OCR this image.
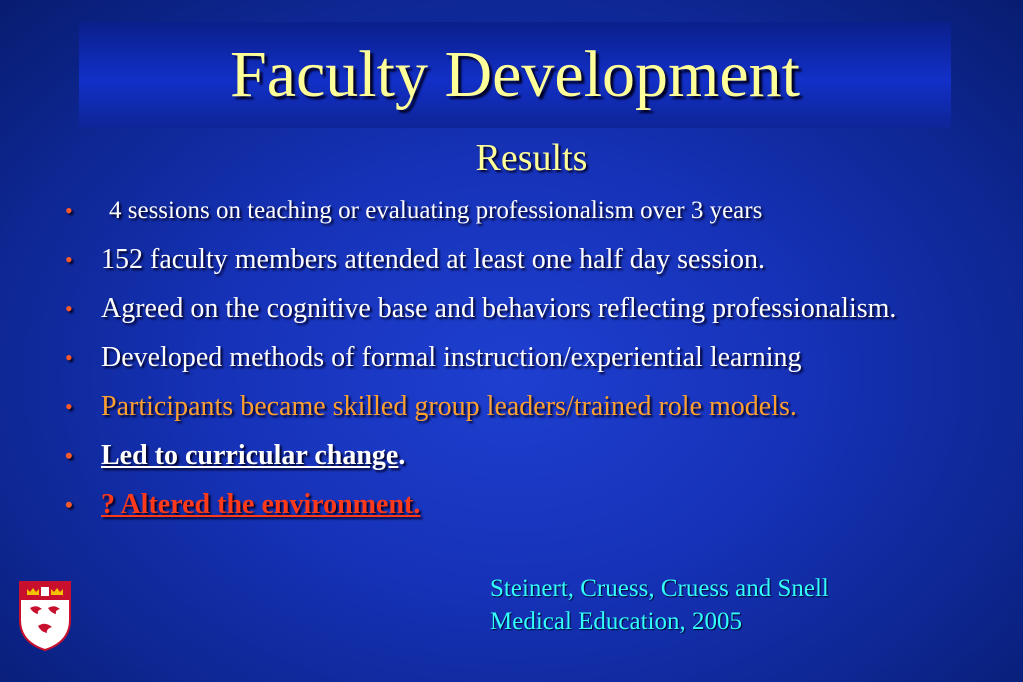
Faculty Development
Results
• 4 sessions on teaching or evaluating professionalism over 3 years
• 152 faculty members attended at least one half day session.
• Agreed on the cognitive base and behaviors reflecting professionalism.
• Developed methods of formal instruction/experiential learning
• Participants became skilled group leaders/trained role models.
• Led to curricular change.
• ? Altered the environment.
Steinert, Cruess, Cruess and Snell
Medical Education, 2005
